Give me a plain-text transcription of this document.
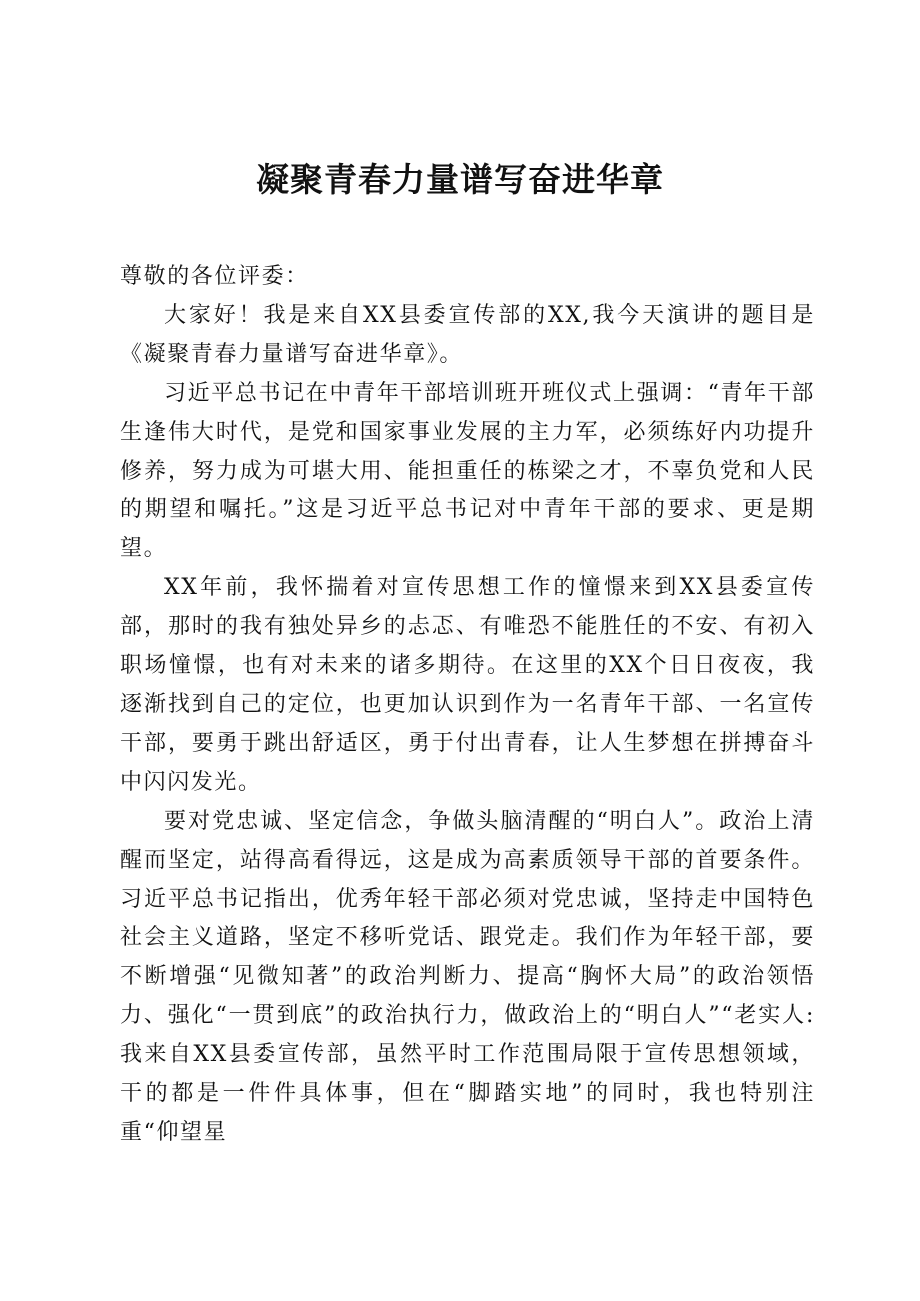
凝聚青春力量谱写奋进华章

尊敬的各位评委：

大家好！我是来自XX县委宣传部的XX,我今天演讲的题目是《凝聚青春力量谱写奋进华章》。

习近平总书记在中青年干部培训班开班仪式上强调：“青年干部生逢伟大时代，是党和国家事业发展的主力军，必须练好内功提升修养，努力成为可堪大用、能担重任的栋梁之才，不辜负党和人民的期望和嘱托。”这是习近平总书记对中青年干部的要求、更是期望。

XX年前，我怀揣着对宣传思想工作的憧憬来到XX县委宣传部，那时的我有独处异乡的忐忑、有唯恐不能胜任的不安、有初入职场憧憬，也有对未来的诸多期待。在这里的XX个日日夜夜，我逐渐找到自己的定位，也更加认识到作为一名青年干部、一名宣传干部，要勇于跳出舒适区，勇于付出青春，让人生梦想在拼搏奋斗中闪闪发光。

要对党忠诚、坚定信念，争做头脑清醒的“明白人”。政治上清醒而坚定，站得高看得远，这是成为高素质领导干部的首要条件。习近平总书记指出，优秀年轻干部必须对党忠诚，坚持走中国特色社会主义道路，坚定不移听党话、跟党走。我们作为年轻干部，要不断增强“见微知著”的政治判断力、提高“胸怀大局”的政治领悟力、强化“一贯到底”的政治执行力，做政治上的“明白人”“老实人:我来自XX县委宣传部，虽然平时工作范围局限于宣传思想领域，干的都是一件件具体事，但在“脚踏实地”的同时，我也特别注重“仰望星
